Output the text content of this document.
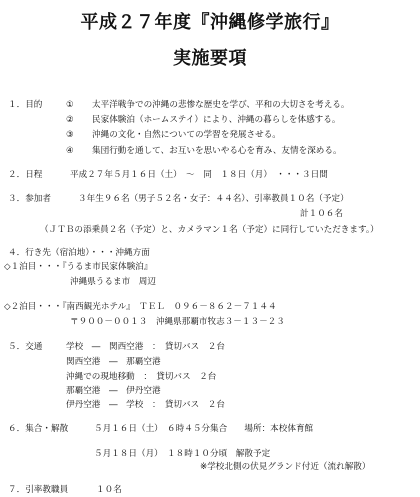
平成２７年度『沖縄修学旅行』
実施要項
１．目的	① 太平洋戦争での沖縄の悲惨な歴史を学び、平和の大切さを考える。
② 民家体験泊（ホームステイ）により、沖縄の暮らしを体感する。
③ 沖縄の文化・自然についての学習を発展させる。
④ 集団行動を通して、お互いを思いやる心を育み、友情を深める。
２．日程	平成２７年５月１６日（土）　～　同　１８日（月）　・・・３日間
３．参加者	３年生９６名（男子５２名・女子：４４名）、引率教員１０名（予定）
計１０６名
（ＪＴＢの添乗員２名（予定）と、カメラマン１名（予定）に同行していただきます。）
４．行き先（宿泊地）・・・沖縄方面
◇１泊目・・・『うるま市民家体験泊』
沖縄県うるま市　周辺
◇２泊目・・・『南西観光ホテル』　ＴＥＬ　０９６－８６２－７１４４
〒９００－００１３　沖縄県那覇市牧志３－１３－２３
５．交通	学校　―　関西空港　：　貸切バス　２台
関西空港　―　那覇空港
沖縄での現地移動　：　貸切バス　２台
那覇空港　―　伊丹空港
伊丹空港　―　学校　：　貸切バス　２台
６．集合・解散	５月１６日（土）　６時４５分集合　　場所：本校体育館
５月１８日（月）　１８時１０分頃　解散予定
※学校北側の伏見グランド付近（流れ解散）
７．引率教職員	１０名
